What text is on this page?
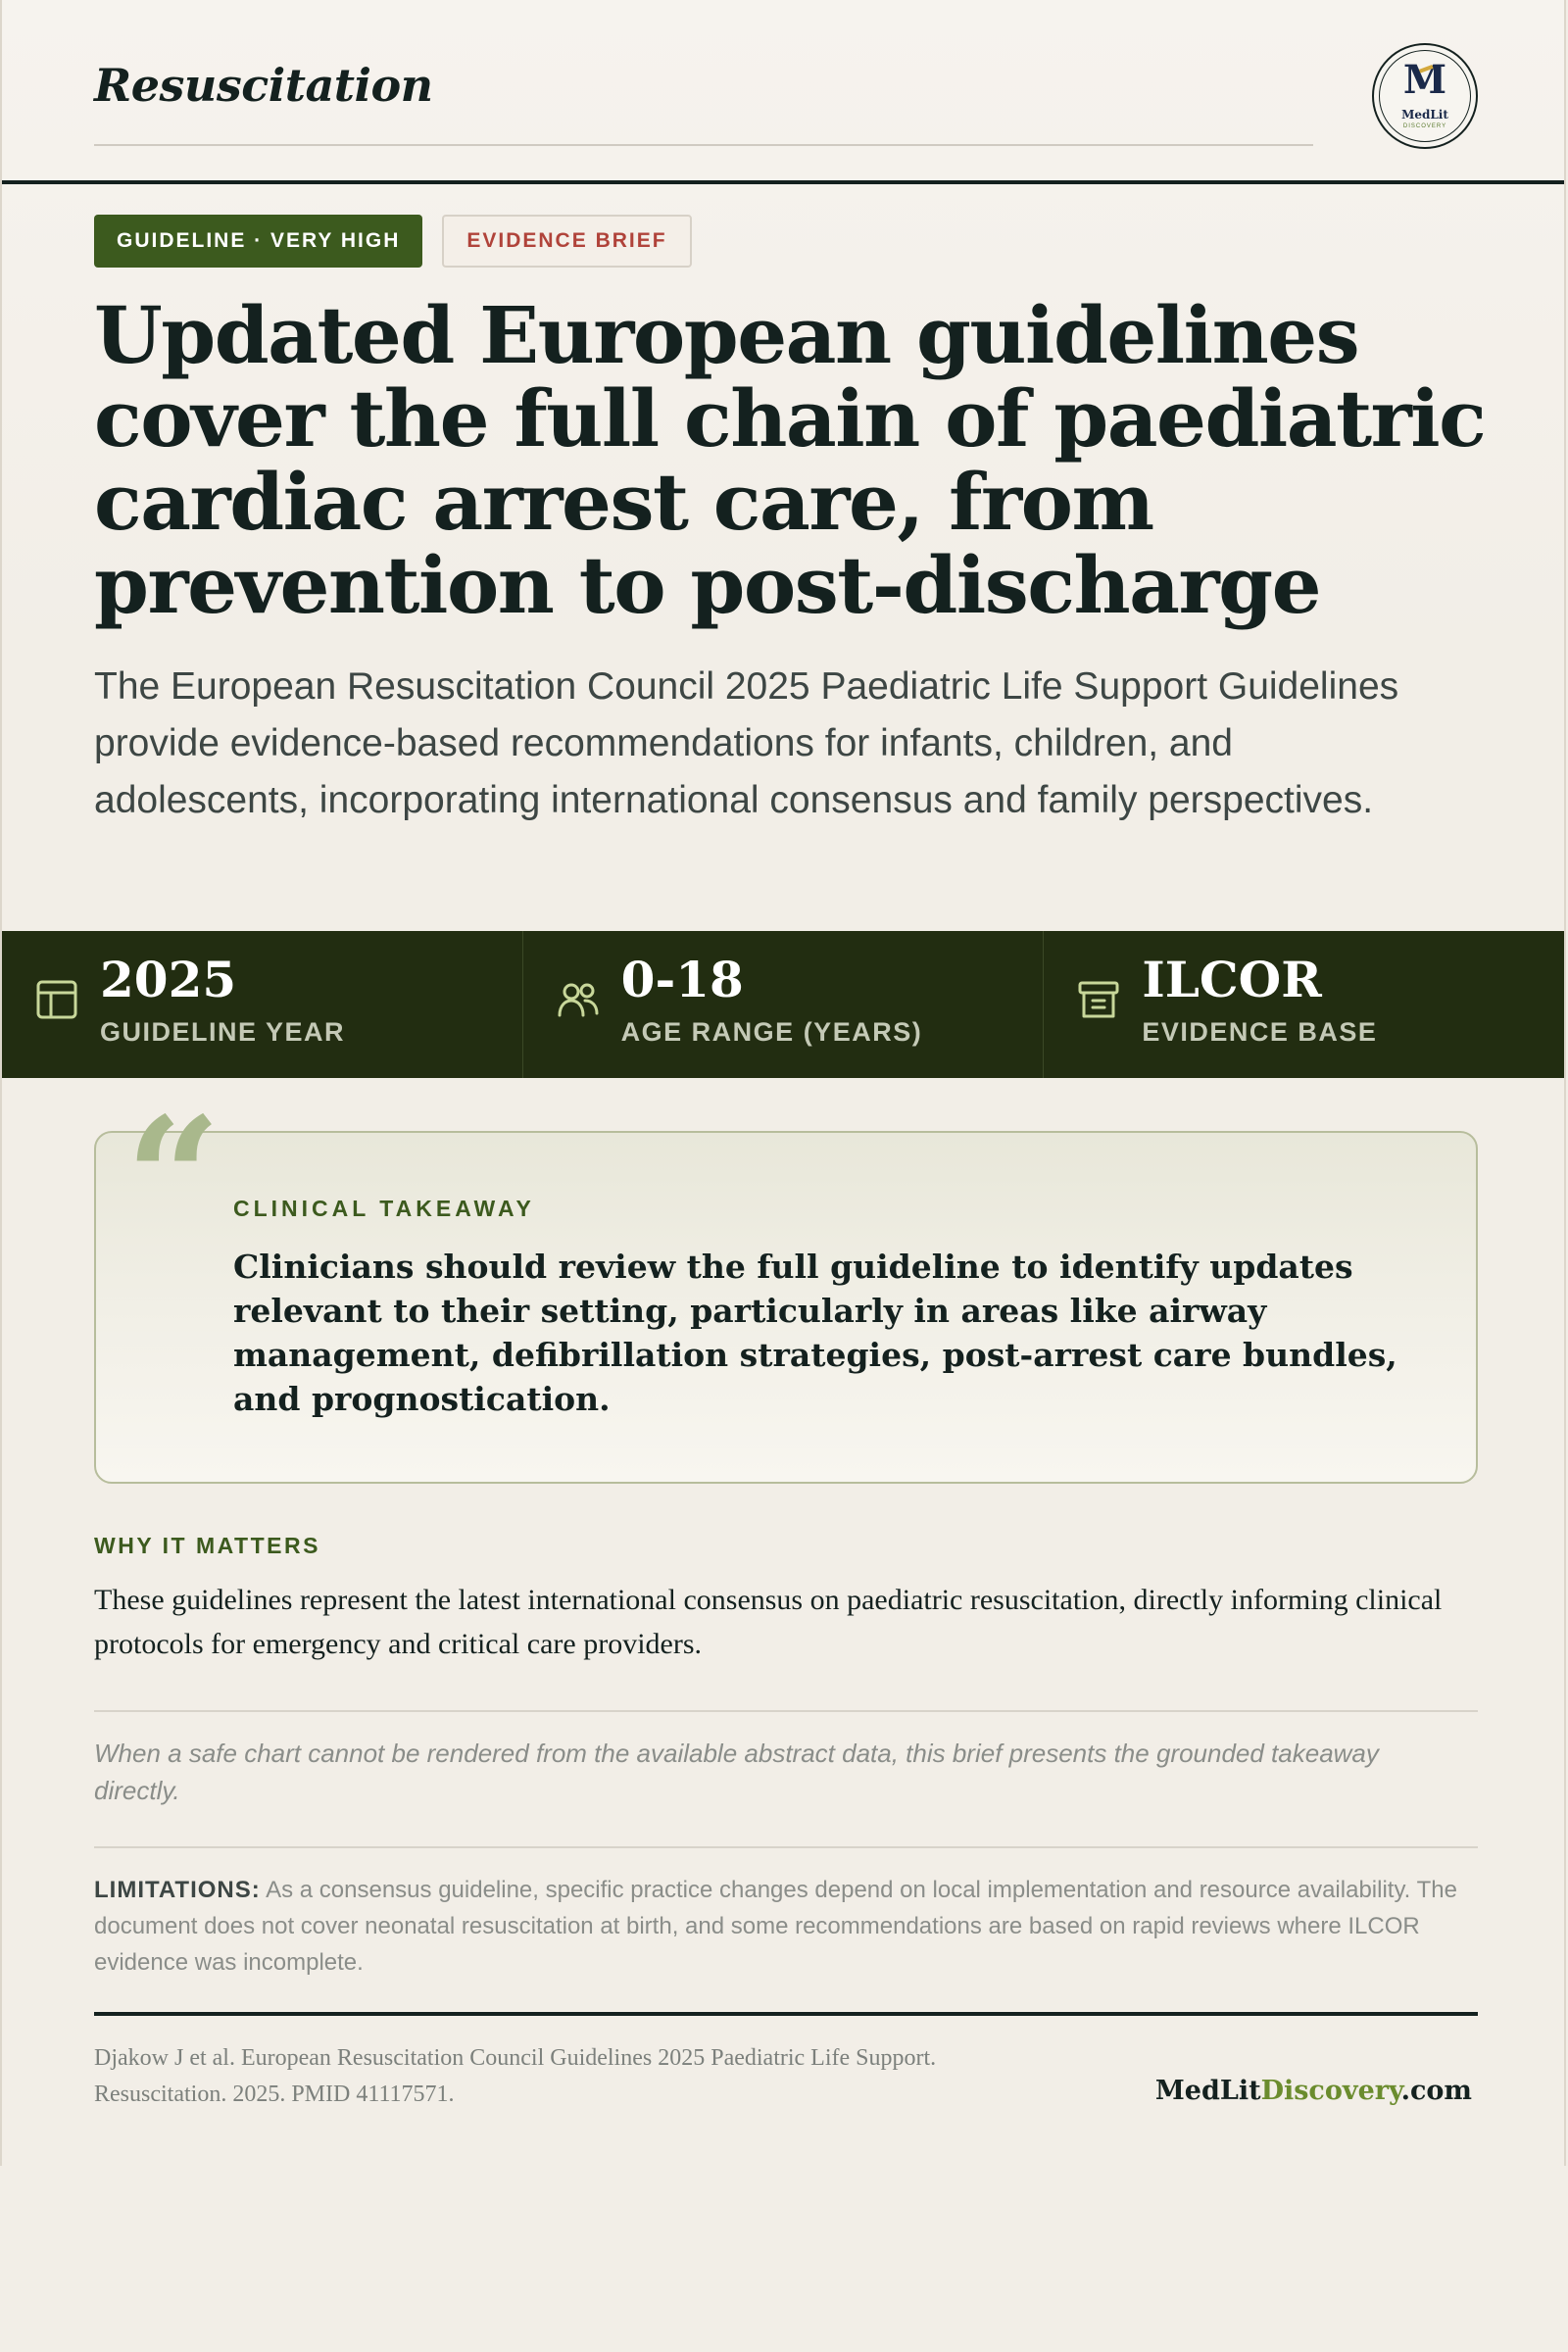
Resuscitation	M
MedLit
DISCOVERY
GUIDELINE · VERY HIGH	EVIDENCE BRIEF
Updated European guidelines cover the full chain of paediatric cardiac arrest care, from prevention to post-discharge

The European Resuscitation Council 2025 Paediatric Life Support Guidelines provide evidence-based recommendations for infants, children, and adolescents, incorporating international consensus and family perspectives.

2025
GUIDELINE YEAR
0-18
AGE RANGE (YEARS)
ILCOR
EVIDENCE BASE
“ CLINICAL TAKEAWAY

Clinicians should review the full guideline to identify updates relevant to their setting, particularly in areas like airway management, defibrillation strategies, post-arrest care bundles, and prognostication.

WHY IT MATTERS

These guidelines represent the latest international consensus on paediatric resuscitation, directly informing clinical protocols for emergency and critical care providers.

When a safe chart cannot be rendered from the available abstract data, this brief presents the grounded takeaway directly.

LIMITATIONS: As a consensus guideline, specific practice changes depend on local implementation and resource availability. The document does not cover neonatal resuscitation at birth, and some recommendations are based on rapid reviews where ILCOR evidence was incomplete.

Djakow J et al. European Resuscitation Council Guidelines 2025 Paediatric Life Support.
Resuscitation. 2025. PMID 41117571.	MedLitDiscovery.com
